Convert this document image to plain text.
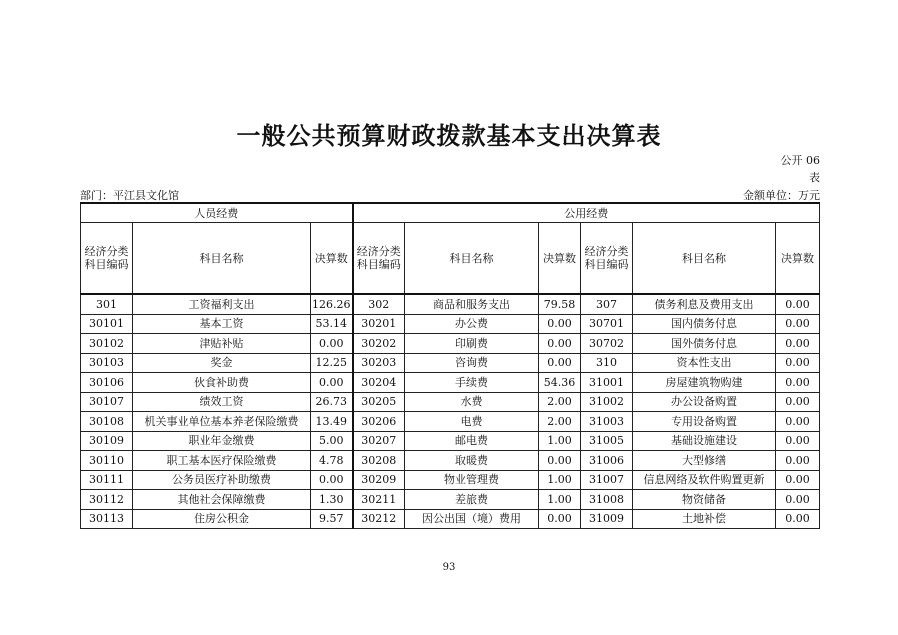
一般公共预算财政拨款基本支出决算表
公开 06
表
部门：平江县文化馆	金额单位：万元
人员经费			公用经费					
经济分类科目编码	科目名称	决算数	经济分类科目编码	科目名称	决算数	经济分类科目编码	科目名称	决算数
301	工资福利支出	126.26	302	商品和服务支出	79.58	307	债务利息及费用支出	0.00
30101	基本工资	53.14	30201	办公费	0.00	30701	国内债务付息	0.00
30102	津贴补贴	0.00	30202	印刷费	0.00	30702	国外债务付息	0.00
30103	奖金	12.25	30203	咨询费	0.00	310	资本性支出	0.00
30106	伙食补助费	0.00	30204	手续费	54.36	31001	房屋建筑物购建	0.00
30107	绩效工资	26.73	30205	水费	2.00	31002	办公设备购置	0.00
30108	机关事业单位基本养老保险缴费	13.49	30206	电费	2.00	31003	专用设备购置	0.00
30109	职业年金缴费	5.00	30207	邮电费	1.00	31005	基础设施建设	0.00
30110	职工基本医疗保险缴费	4.78	30208	取暖费	0.00	31006	大型修缮	0.00
30111	公务员医疗补助缴费	0.00	30209	物业管理费	1.00	31007	信息网络及软件购置更新	0.00
30112	其他社会保障缴费	1.30	30211	差旅费	1.00	31008	物资储备	0.00
30113	住房公积金	9.57	30212	因公出国（境）费用	0.00	31009	土地补偿	0.00
93
